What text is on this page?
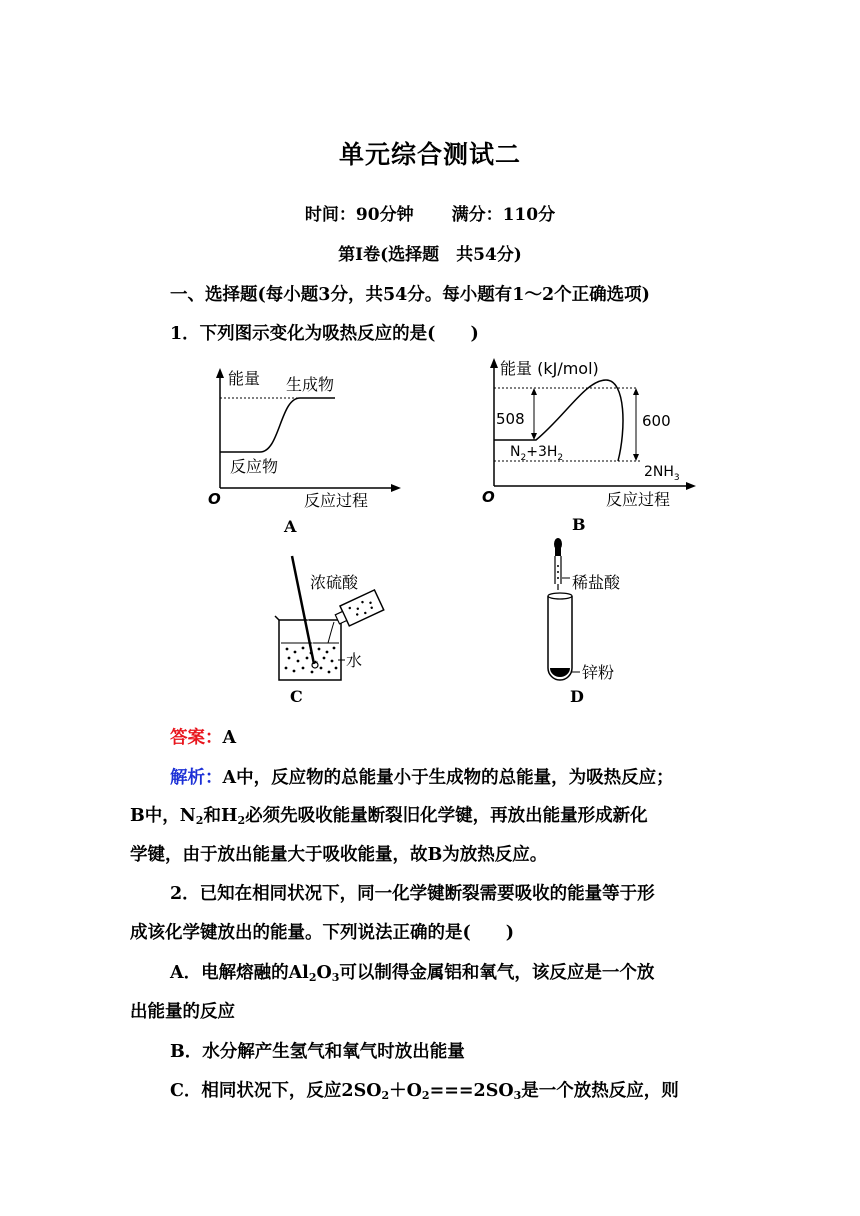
单元综合测试二
时间：90分钟 满分：110分
第Ⅰ卷(选择题　共54分)
一、选择题(每小题3分，共54分。每小题有1～2个正确选项)
1．下列图示变化为吸热反应的是(　　)
能量 生成物
反应物
O	反应过程
A
能量 (kJ/mol)
508	600
$N_2+3H_2$
$2NH_3$
O	反应过程
B
浓硫酸
水
C
稀盐酸
锌粉
D
答案：A
解析：A中，反应物的总能量小于生成物的总能量，为吸热反应；
B中，$N_2$和$H_2$必须先吸收能量断裂旧化学键，再放出能量形成新化
学键，由于放出能量大于吸收能量，故B为放热反应。
2．已知在相同状况下，同一化学键断裂需要吸收的能量等于形
成该化学键放出的能量。下列说法正确的是(　　)
A．电解熔融的$Al_2O_3$可以制得金属铝和氧气，该反应是一个放
出能量的反应
B．水分解产生氢气和氧气时放出能量
C．相同状况下，反应$2SO_2+O_2===2SO_3$是一个放热反应，则
